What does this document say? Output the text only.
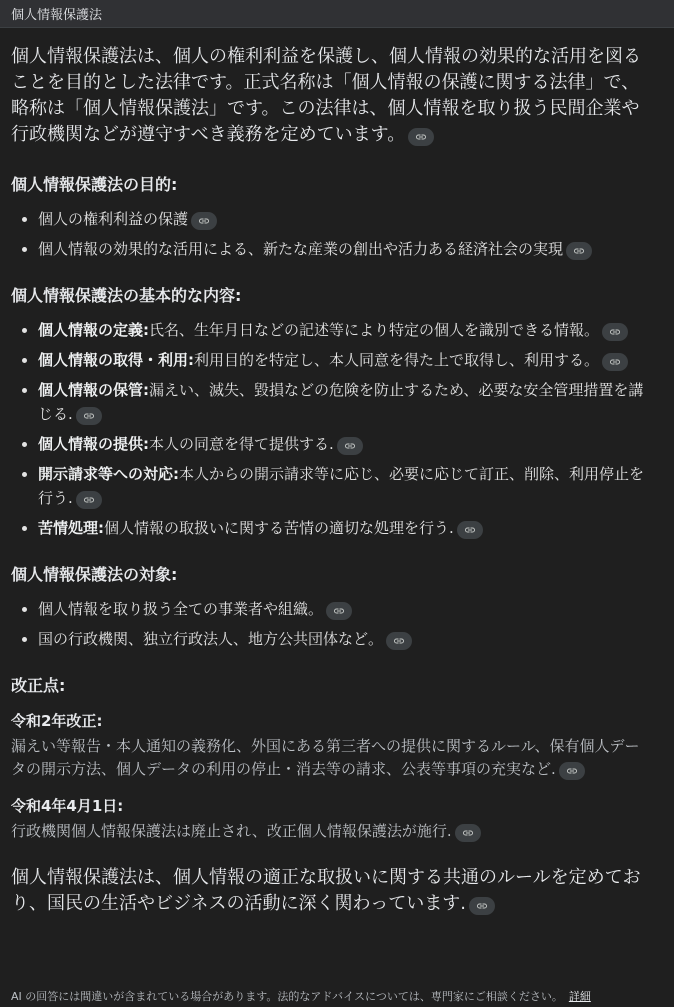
個人情報保護法

個人情報保護法は、個人の権利利益を保護し、個人情報の効果的な活用を図ることを目的とした法律です。正式名称は「個人情報の保護に関する法律」で、略称は「個人情報保護法」です。この法律は、個人情報を取り扱う民間企業や行政機関などが遵守すべき義務を定めています。

個人情報保護法の目的:
• 個人の権利利益の保護
• 個人情報の効果的な活用による、新たな産業の創出や活力ある経済社会の実現
個人情報保護法の基本的な内容:
• 個人情報の定義:氏名、生年月日などの記述等により特定の個人を識別できる情報。
• 個人情報の取得・利用:利用目的を特定し、本人同意を得た上で取得し、利用する。
• 個人情報の保管:漏えい、滅失、毀損などの危険を防止するため、必要な安全管理措置を講じる.
• 個人情報の提供:本人の同意を得て提供する.
• 開示請求等への対応:本人からの開示請求等に応じ、必要に応じて訂正、削除、利用停止を行う.
• 苦情処理:個人情報の取扱いに関する苦情の適切な処理を行う.
個人情報保護法の対象:
• 個人情報を取り扱う全ての事業者や組織。
• 国の行政機関、独立行政法人、地方公共団体など。
改正点:
令和2年改正:

漏えい等報告・本人通知の義務化、外国にある第三者への提供に関するルール、保有個人データの開示方法、個人データの利用の停止・消去等の請求、公表等事項の充実など.

令和4年4月1日:

行政機関個人情報保護法は廃止され、改正個人情報保護法が施行.

個人情報保護法は、個人情報の適正な取扱いに関する共通のルールを定めており、国民の生活やビジネスの活動に深く関わっています.

AI の回答には間違いが含まれている場合があります。法的なアドバイスについては、専門家にご相談ください。 詳細
